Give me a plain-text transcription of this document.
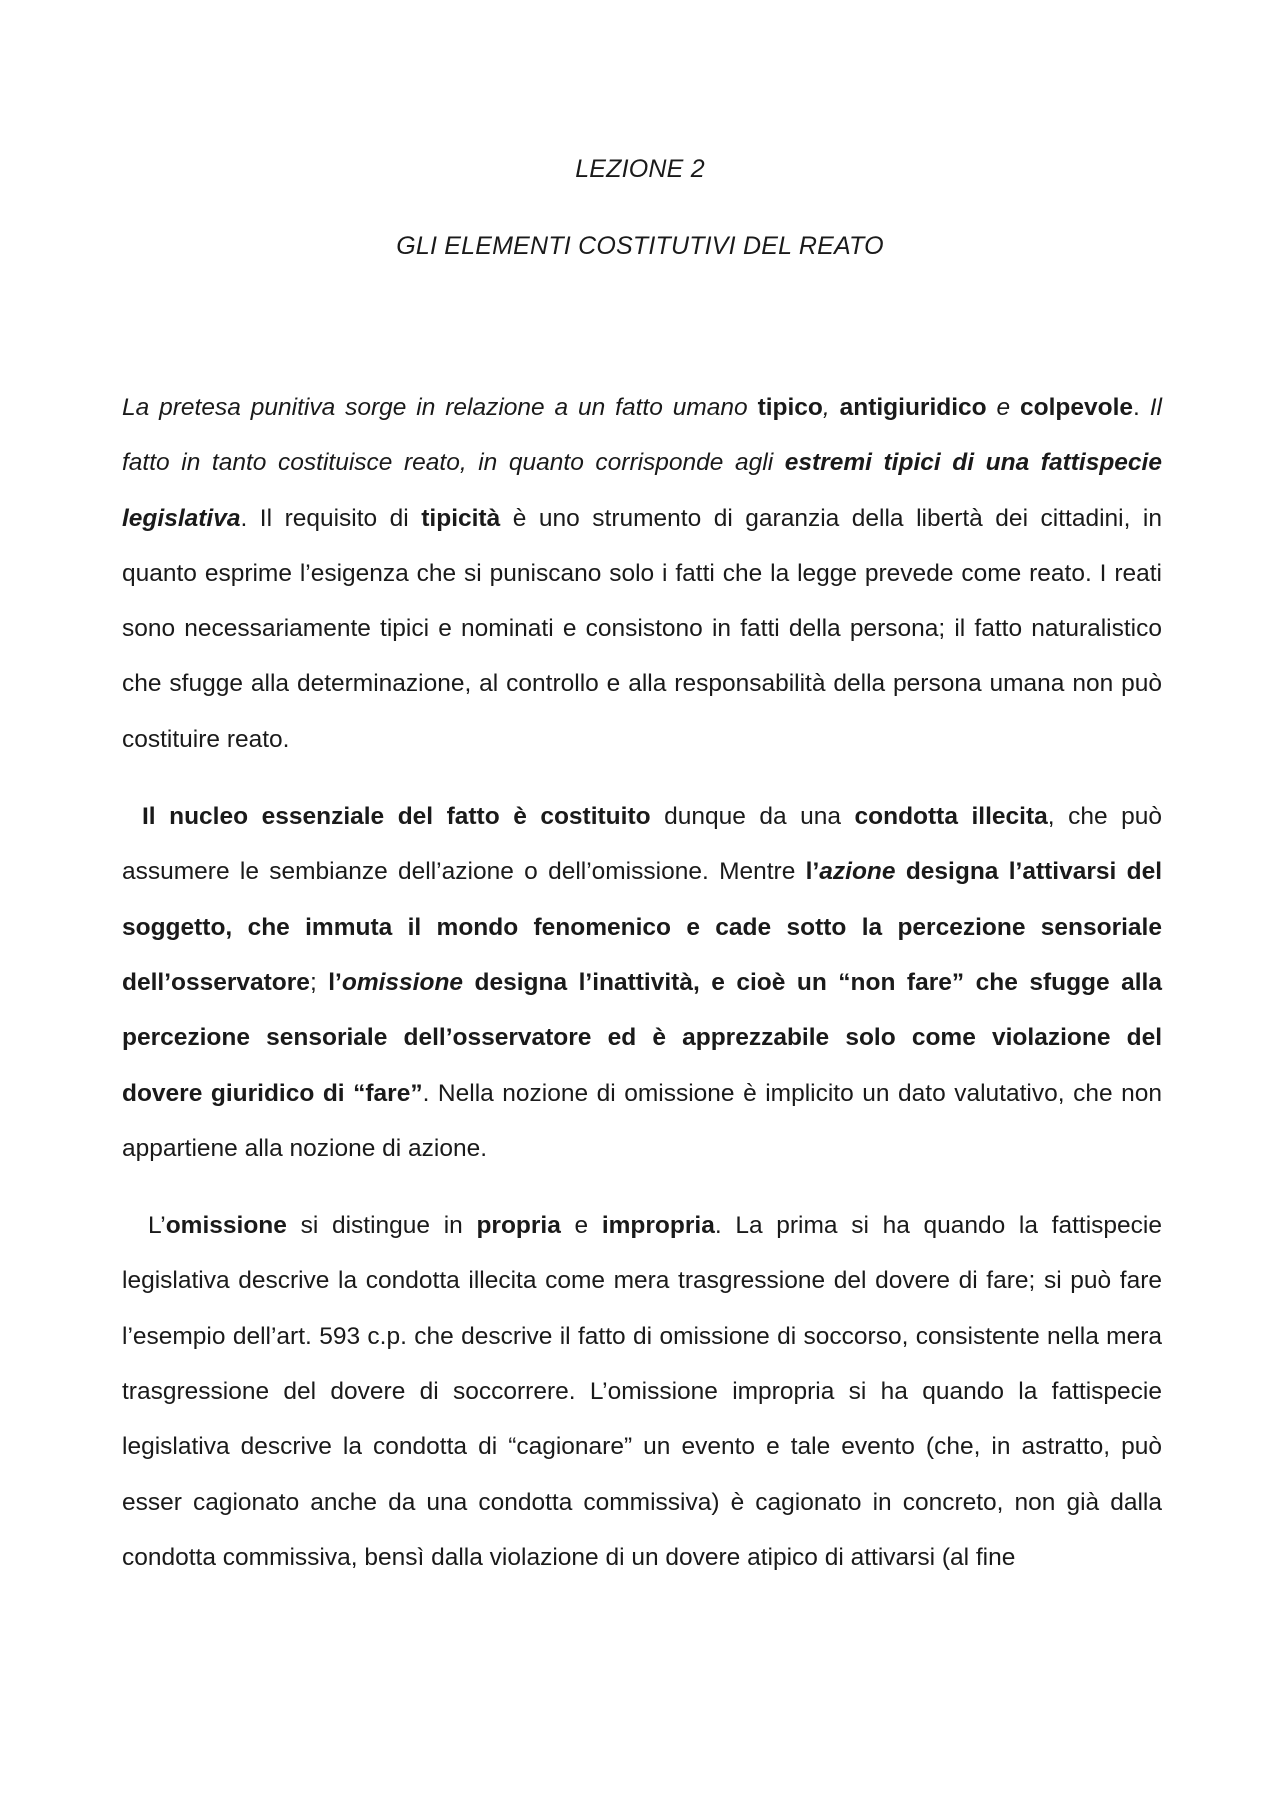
LEZIONE 2
GLI ELEMENTI COSTITUTIVI DEL REATO

La pretesa punitiva sorge in relazione a un fatto umano tipico, antigiuridico e colpevole. Il fatto in tanto costituisce reato, in quanto corrisponde agli estremi tipici di una fattispecie legislativa. Il requisito di tipicità è uno strumento di garanzia della libertà dei cittadini, in quanto esprime l’esigenza che si puniscano solo i fatti che la legge prevede come reato. I reati sono necessariamente tipici e nominati e consistono in fatti della persona; il fatto naturalistico che sfugge alla determinazione, al controllo e alla responsabilità della persona umana non può costituire reato.

Il nucleo essenziale del fatto è costituito dunque da una condotta illecita, che può assumere le sembianze dell’azione o dell’omissione. Mentre l’azione designa l’attivarsi del soggetto, che immuta il mondo fenomenico e cade sotto la percezione sensoriale dell’osservatore; l’omissione designa l’inattività, e cioè un “non fare” che sfugge alla percezione sensoriale dell’osservatore ed è apprezzabile solo come violazione del dovere giuridico di “fare”. Nella nozione di omissione è implicito un dato valutativo, che non appartiene alla nozione di azione.

L’omissione si distingue in propria e impropria. La prima si ha quando la fattispecie legislativa descrive la condotta illecita come mera trasgressione del dovere di fare; si può fare l’esempio dell’art. 593 c.p. che descrive il fatto di omissione di soccorso, consistente nella mera trasgressione del dovere di soccorrere. L’omissione impropria si ha quando la fattispecie legislativa descrive la condotta di “cagionare” un evento e tale evento (che, in astratto, può esser cagionato anche da una condotta commissiva) è cagionato in concreto, non già dalla condotta commissiva, bensì dalla violazione di un dovere atipico di attivarsi (al fine
